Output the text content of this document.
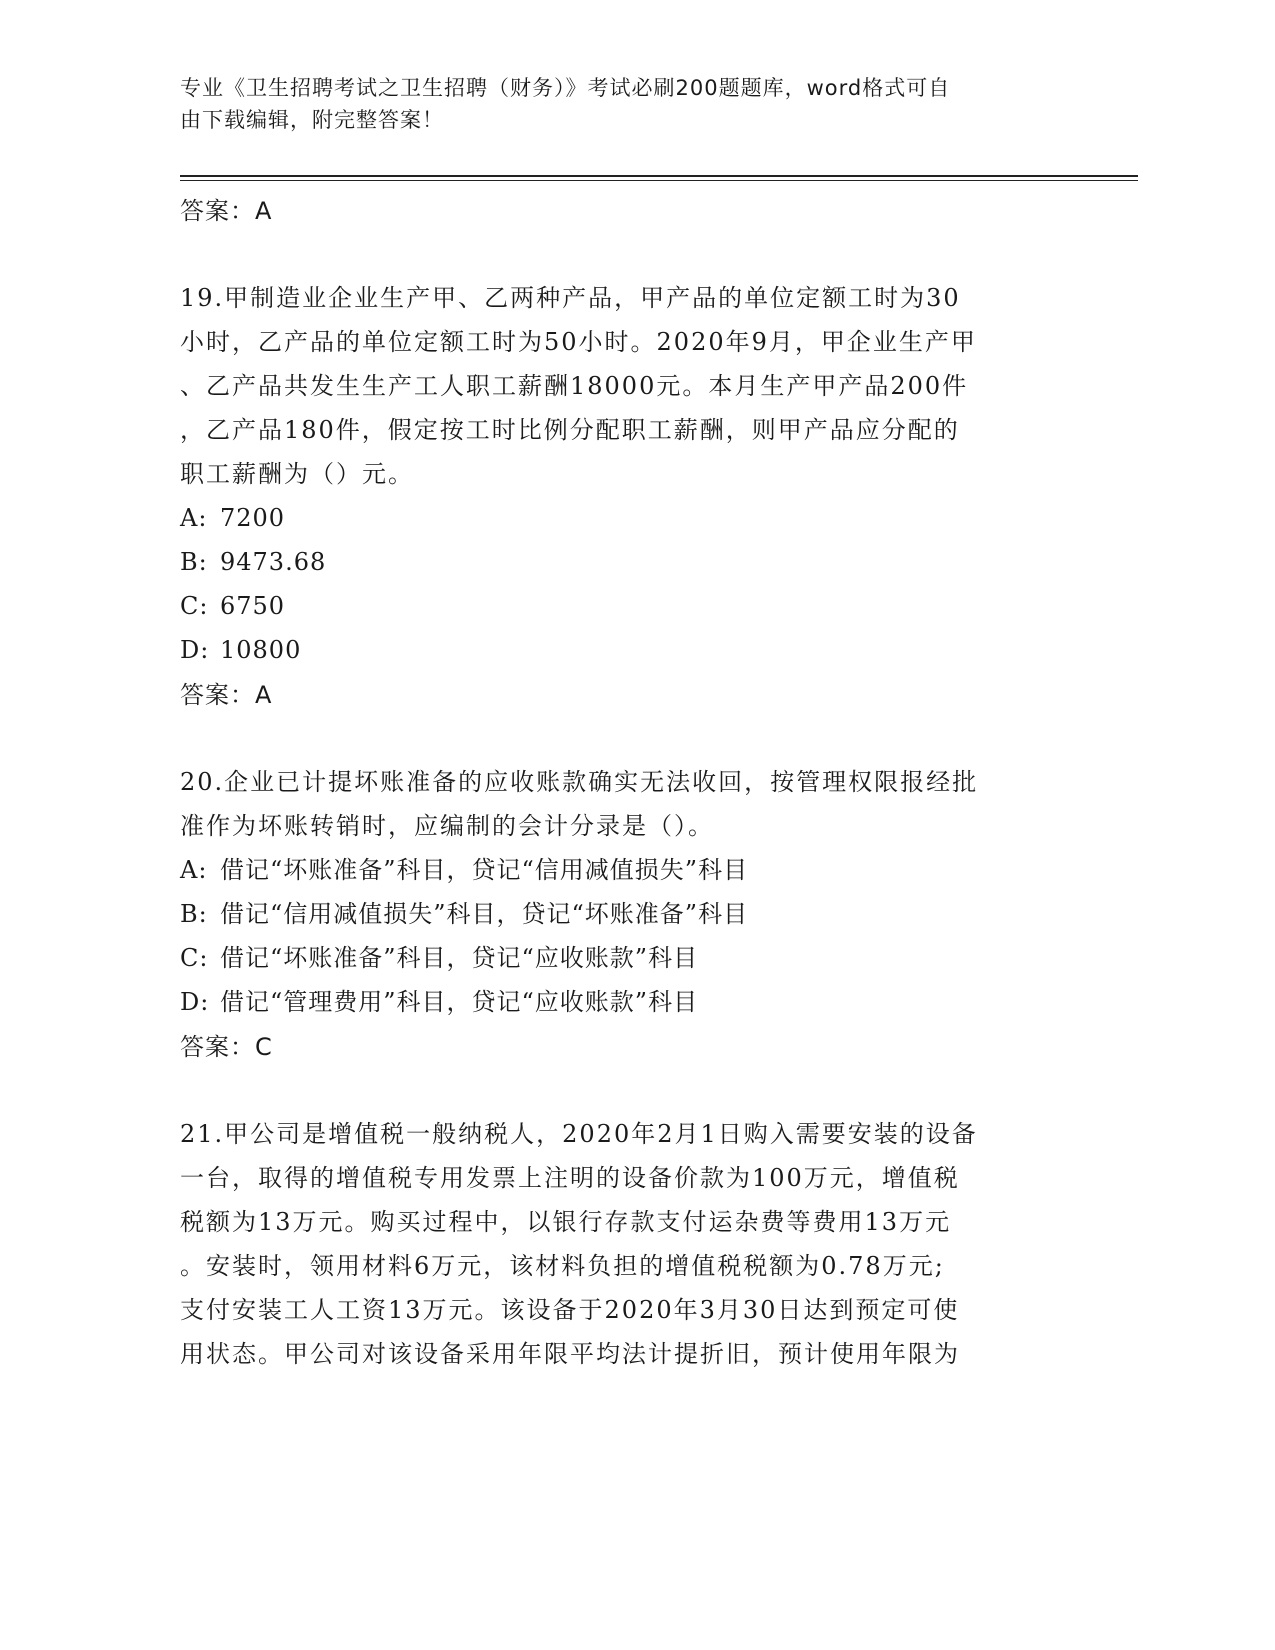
专业《卫生招聘考试之卫生招聘（财务）》考试必刷200题题库，word格式可自
由下载编辑，附完整答案！
答案：A
19.甲制造业企业生产甲、乙两种产品，甲产品的单位定额工时为30
小时，乙产品的单位定额工时为50小时。2020年9月，甲企业生产甲
、乙产品共发生生产工人职工薪酬18000元。本月生产甲产品200件
，乙产品180件，假定按工时比例分配职工薪酬，则甲产品应分配的
职工薪酬为（）元。
A: 7200
B: 9473.68
C: 6750
D: 10800
答案：A
20.企业已计提坏账准备的应收账款确实无法收回，按管理权限报经批
准作为坏账转销时，应编制的会计分录是（）。
A: 借记“坏账准备”科目，贷记“信用减值损失”科目
B: 借记“信用减值损失”科目，贷记“坏账准备”科目
C: 借记“坏账准备”科目，贷记“应收账款”科目
D: 借记“管理费用”科目，贷记“应收账款”科目
答案：C
21.甲公司是增值税一般纳税人，2020年2月1日购入需要安装的设备
一台，取得的增值税专用发票上注明的设备价款为100万元，增值税
税额为13万元。购买过程中，以银行存款支付运杂费等费用13万元
。安装时，领用材料6万元，该材料负担的增值税税额为0.78万元;
支付安装工人工资13万元。该设备于2020年3月30日达到预定可使
用状态。甲公司对该设备采用年限平均法计提折旧，预计使用年限为
